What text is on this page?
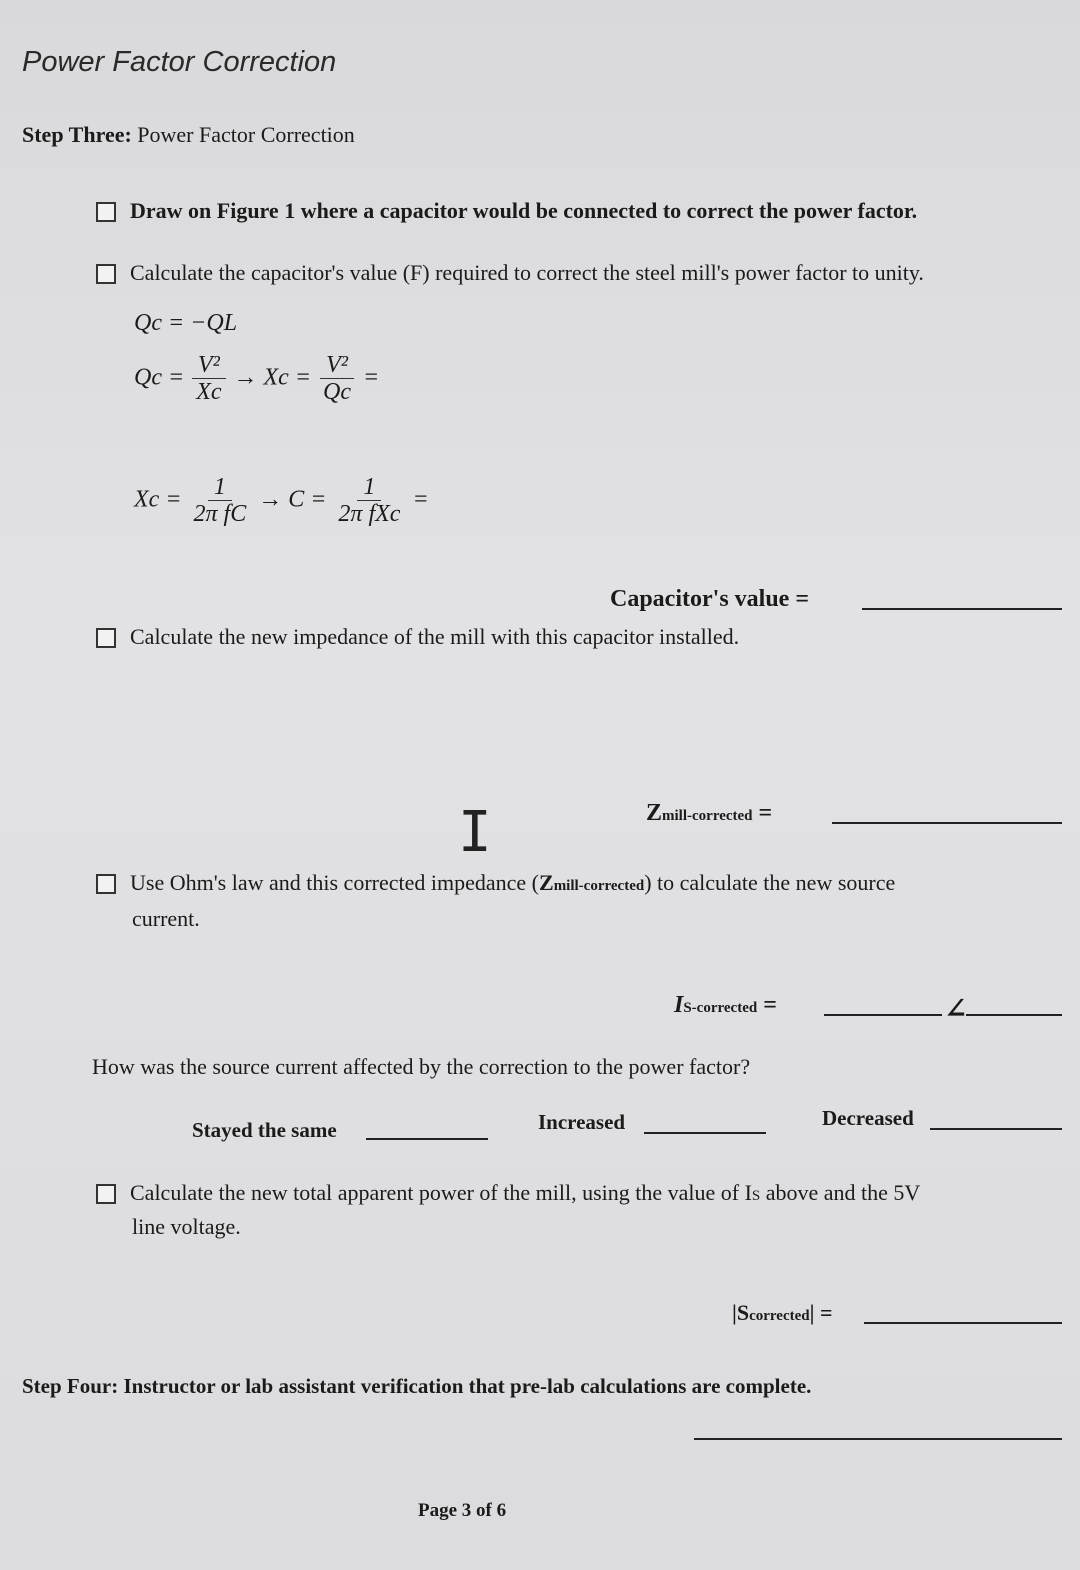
Power Factor Correction
Step Three: Power Factor Correction
Draw on Figure 1 where a capacitor would be connected to correct the power factor.
Calculate the capacitor's value (F) required to correct the steel mill's power factor to unity.
Qc = −QL
$Qc = \frac{\text{V²}}{Xc} \to Xc = \frac{\text{V²}}{Qc}$ =
$Xc = \frac{1}{\text{2π fC}} \to C = \frac{1}{\text{2π fXc}}$ =
Capacitor's value =
Calculate the new impedance of the mill with this capacitor installed.
Zmill-corrected =
I
Use Ohm's law and this corrected impedance (Zmill-corrected) to calculate the new source
current.
IS-corrected =	∠
How was the source current affected by the correction to the power factor?
Stayed the same	Increased	Decreased
Calculate the new total apparent power of the mill, using the value of IS above and the 5V
line voltage.
|Scorrected| =
Step Four: Instructor or lab assistant verification that pre-lab calculations are complete.
Page 3 of 6
